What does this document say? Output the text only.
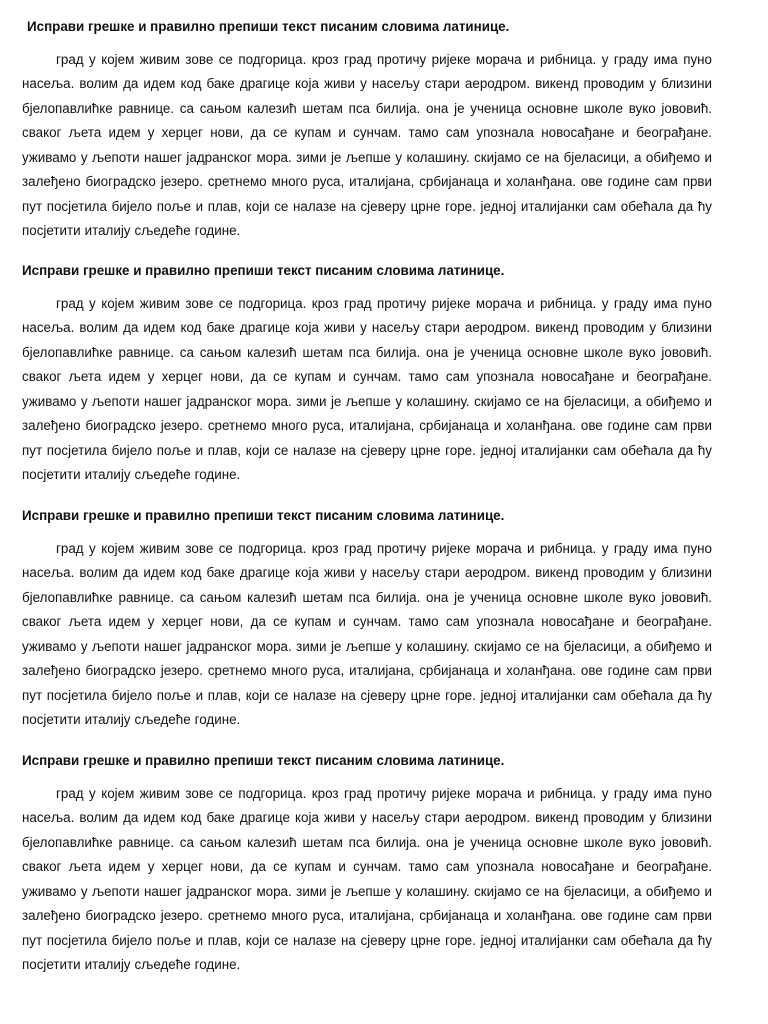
Исправи грешке и правилно препиши текст писаним словима латинице.

град у којем живим зове се подгорица. кроз град протичу ријеке морача и рибница. у граду има пуно насеља. волим да идем код баке драгице која живи у насељу стари аеродром. викенд проводим у близини бјелопавлићке равнице. са сањом калезић шетам пса билија. она је ученица основне школе вуко јововић. сваког љета идем у херцег нови, да се купам и сунчам. тамо сам упознала новосађане и београђане. уживамо у љепоти нашег јадранског мора. зими је љепше у колашину. скијамо се на бјеласици, а обиђемо и залеђено биоградско језеро. сретнемо много руса, италијана, србијанаца и холанђана. ове године сам први пут посјетила бијело поље и плав, који се налазе на сјеверу црне горе. једној италијанки сам обећала да ћу посјетити италију сљедеће године.

Исправи грешке и правилно препиши текст писаним словима латинице.

град у којем живим зове се подгорица. кроз град протичу ријеке морача и рибница. у граду има пуно насеља. волим да идем код баке драгице која живи у насељу стари аеродром. викенд проводим у близини бјелопавлићке равнице. са сањом калезић шетам пса билија. она је ученица основне школе вуко јововић. сваког љета идем у херцег нови, да се купам и сунчам. тамо сам упознала новосађане и београђане. уживамо у љепоти нашег јадранског мора. зими је љепше у колашину. скијамо се на бјеласици, а обиђемо и залеђено биоградско језеро. сретнемо много руса, италијана, србијанаца и холанђана. ове године сам први пут посјетила бијело поље и плав, који се налазе на сјеверу црне горе. једној италијанки сам обећала да ћу посјетити италију сљедеће године.

Исправи грешке и правилно препиши текст писаним словима латинице.

град у којем живим зове се подгорица. кроз град протичу ријеке морача и рибница. у граду има пуно насеља. волим да идем код баке драгице која живи у насељу стари аеродром. викенд проводим у близини бјелопавлићке равнице. са сањом калезић шетам пса билија. она је ученица основне школе вуко јововић. сваког љета идем у херцег нови, да се купам и сунчам. тамо сам упознала новосађане и београђане. уживамо у љепоти нашег јадранског мора. зими је љепше у колашину. скијамо се на бјеласици, а обиђемо и залеђено биоградско језеро. сретнемо много руса, италијана, србијанаца и холанђана. ове године сам први пут посјетила бијело поље и плав, који се налазе на сјеверу црне горе. једној италијанки сам обећала да ћу посјетити италију сљедеће године.

Исправи грешке и правилно препиши текст писаним словима латинице.

град у којем живим зове се подгорица. кроз град протичу ријеке морача и рибница. у граду има пуно насеља. волим да идем код баке драгице која живи у насељу стари аеродром. викенд проводим у близини бјелопавлићке равнице. са сањом калезић шетам пса билија. она је ученица основне школе вуко јововић. сваког љета идем у херцег нови, да се купам и сунчам. тамо сам упознала новосађане и београђане. уживамо у љепоти нашег јадранског мора. зими је љепше у колашину. скијамо се на бјеласици, а обиђемо и залеђено биоградско језеро. сретнемо много руса, италијана, србијанаца и холанђана. ове године сам први пут посјетила бијело поље и плав, који се налазе на сјеверу црне горе. једној италијанки сам обећала да ћу посјетити италију сљедеће године.
